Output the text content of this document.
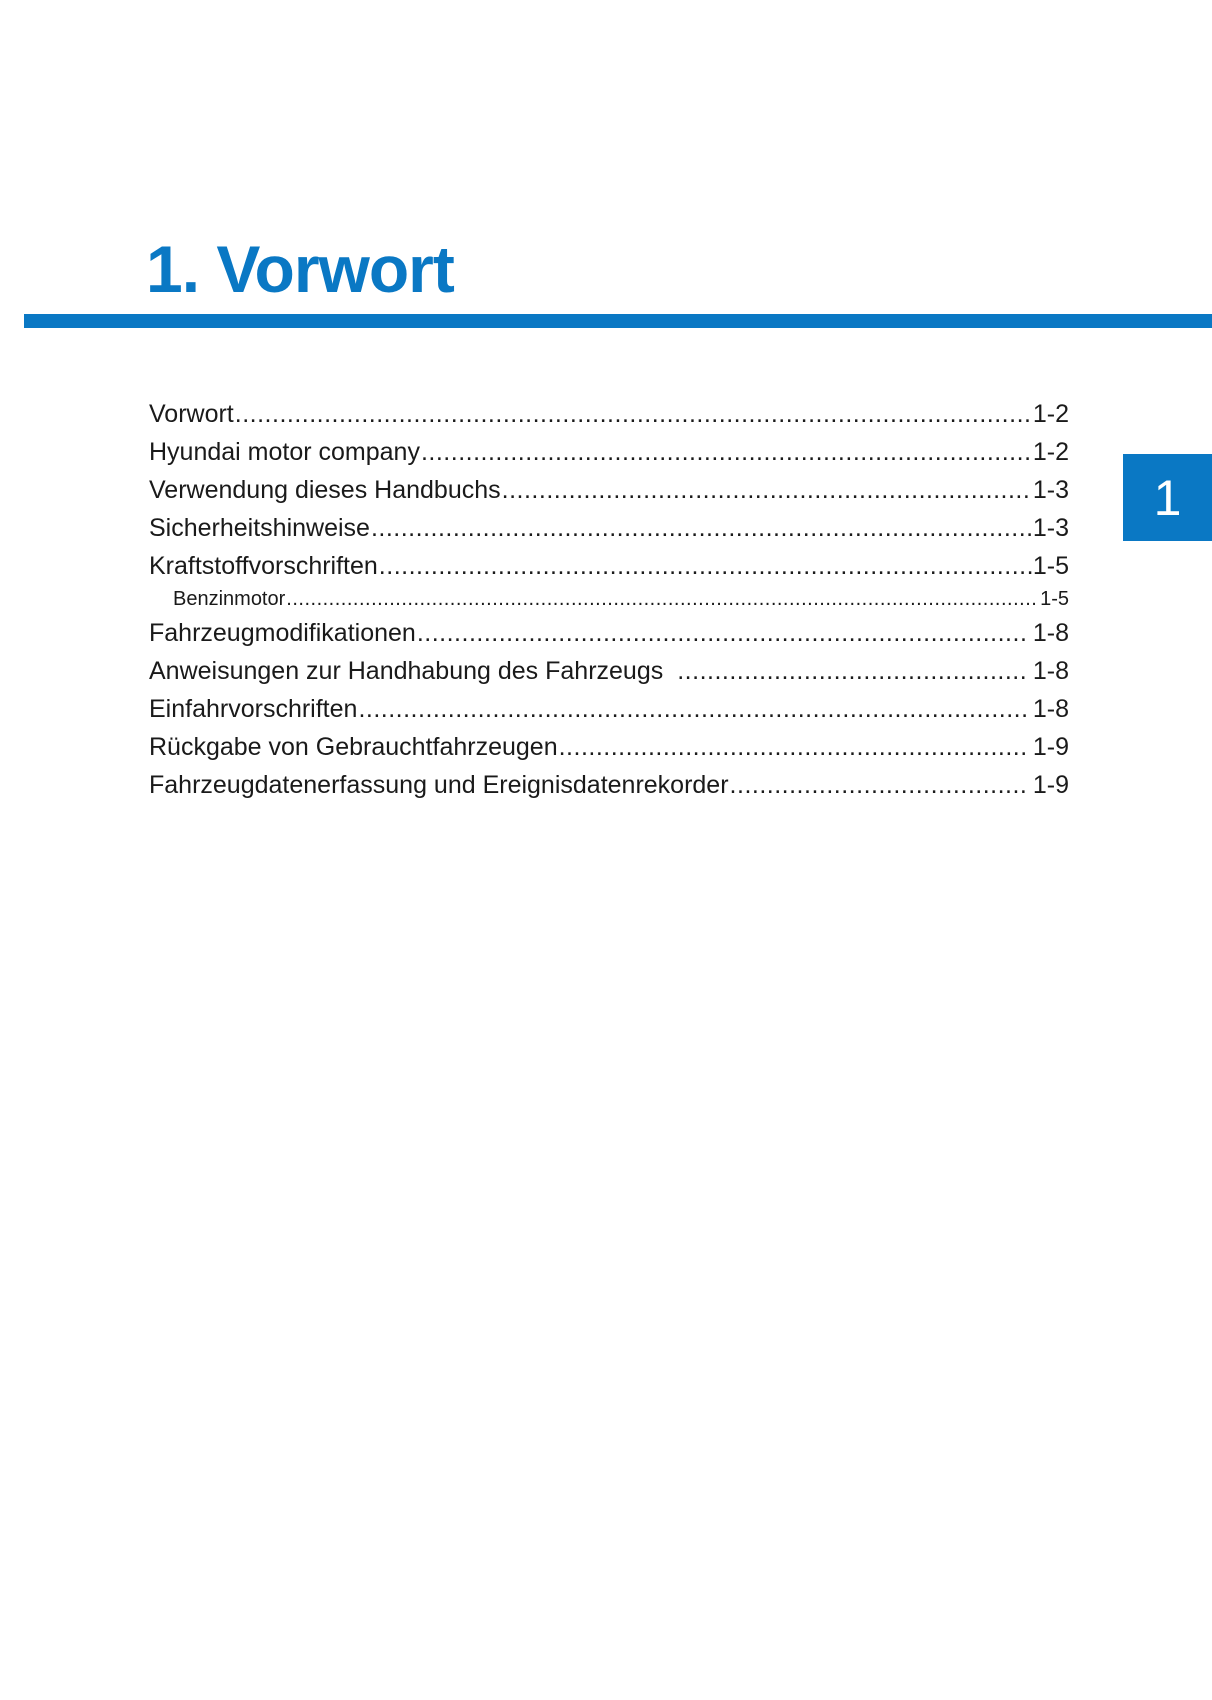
1. Vorwort
1
Vorwort .....	1-2
Hyundai motor company .....	1-2
Verwendung dieses Handbuchs .....	1-3
Sicherheitshinweise .....	1-3
Kraftstoffvorschriften .....	1-5
Benzinmotor .....	1-5
Fahrzeugmodifikationen .....	1-8
Anweisungen zur Handhabung des Fahrzeugs .....	1-8
Einfahrvorschriften .....	1-8
Rückgabe von Gebrauchtfahrzeugen .....	1-9
Fahrzeugdatenerfassung und Ereignisdatenrekorder .....	1-9
